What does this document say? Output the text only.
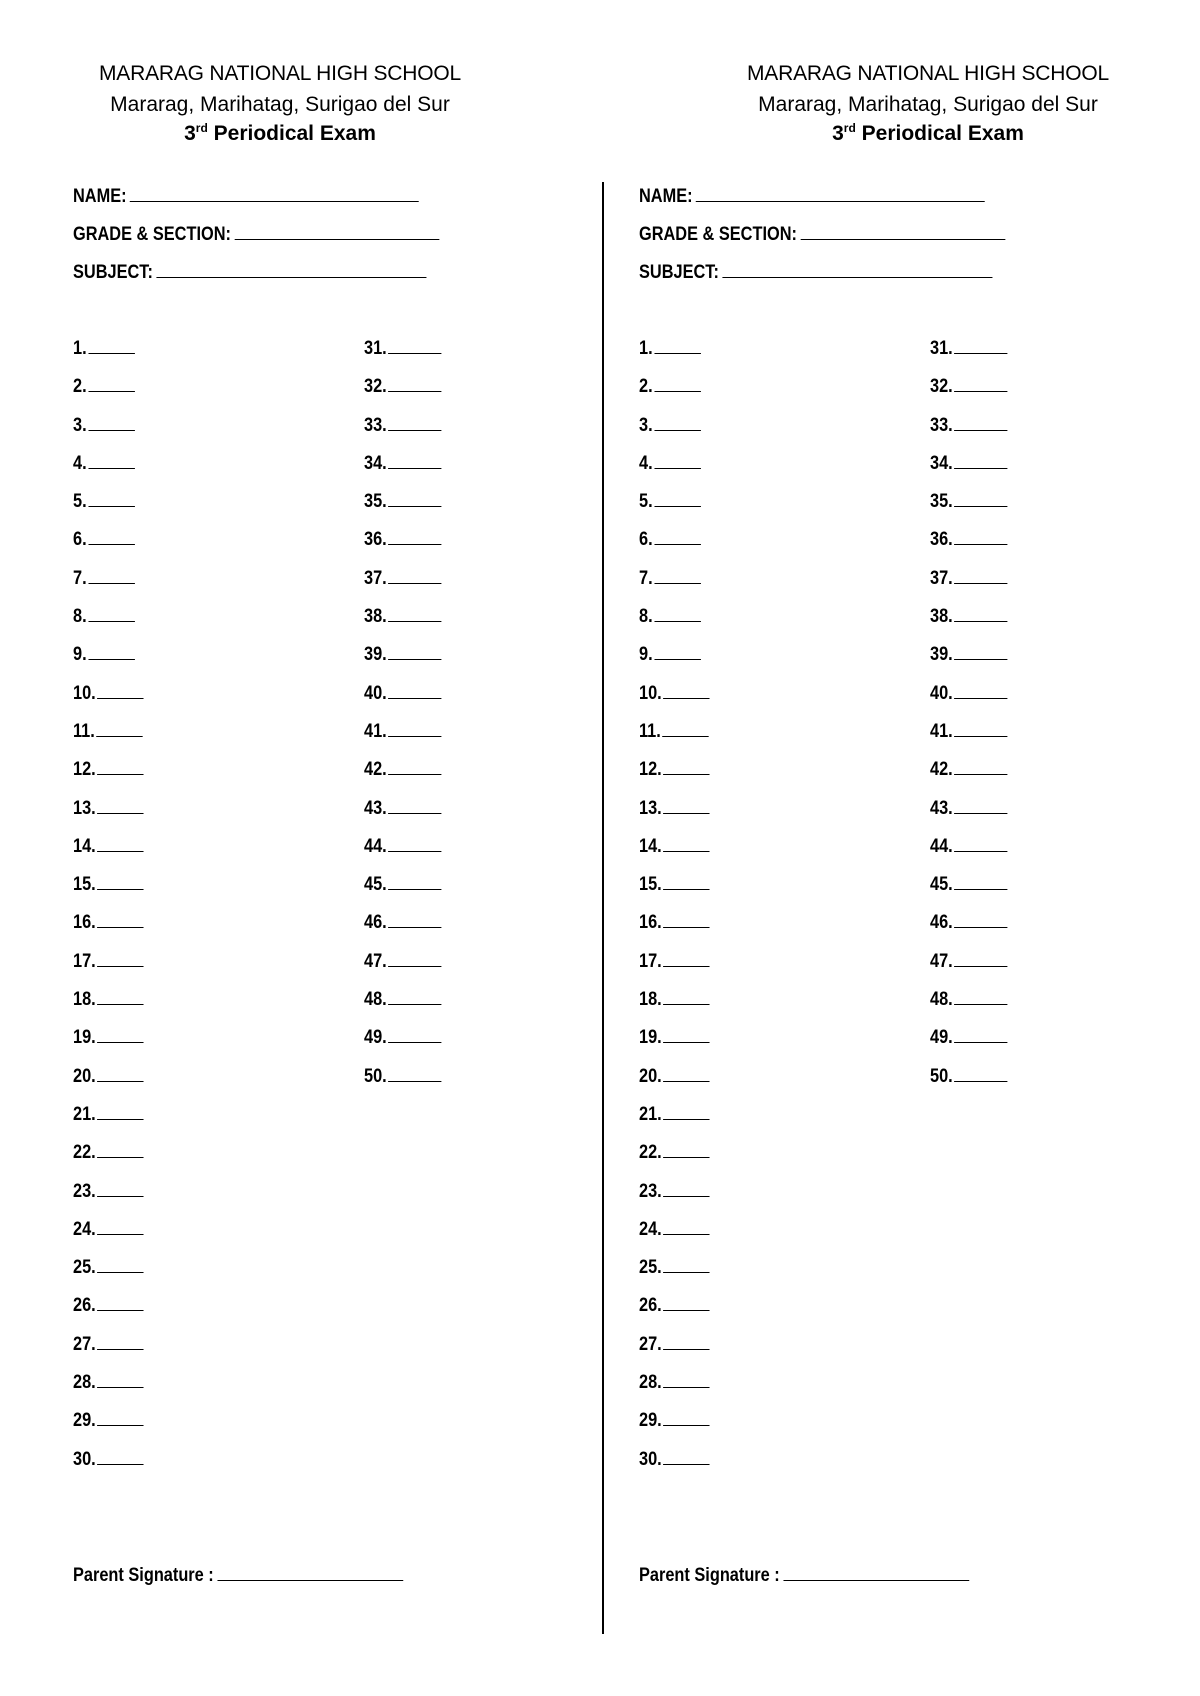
MARARAG NATIONAL HIGH SCHOOL
Mararag, Marihatag, Surigao del Sur
3rd Periodical Exam
NAME:
GRADE & SECTION:
SUBJECT:
1.
2.
3.
4.
5.
6.
7.
8.
9.
10.
11.
12.
13.
14.
15.
16.
17.
18.
19.
20.
21.
22.
23.
24.
25.
26.
27.
28.
29.
30.
31.
32.
33.
34.
35.
36.
37.
38.
39.
40.
41.
42.
43.
44.
45.
46.
47.
48.
49.
50.
Parent Signature :
MARARAG NATIONAL HIGH SCHOOL
Mararag, Marihatag, Surigao del Sur
3rd Periodical Exam
NAME:
GRADE & SECTION:
SUBJECT:
1.
2.
3.
4.
5.
6.
7.
8.
9.
10.
11.
12.
13.
14.
15.
16.
17.
18.
19.
20.
21.
22.
23.
24.
25.
26.
27.
28.
29.
30.
31.
32.
33.
34.
35.
36.
37.
38.
39.
40.
41.
42.
43.
44.
45.
46.
47.
48.
49.
50.
Parent Signature :
